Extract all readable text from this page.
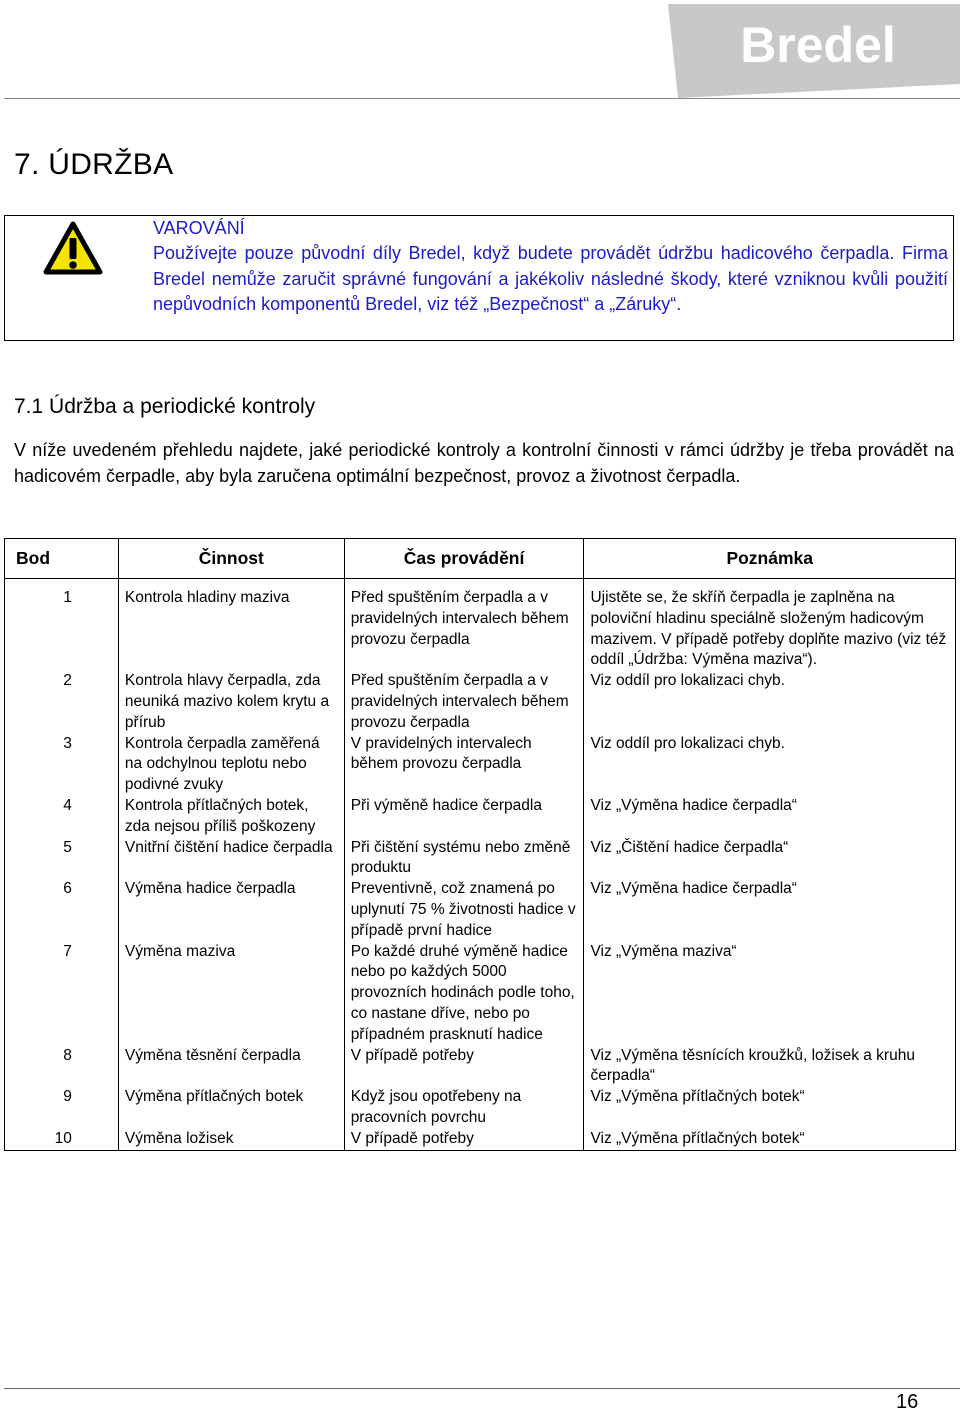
Bredel
7. ÚDRŽBA
VAROVÁNÍ
Používejte pouze původní díly Bredel, když budete provádět údržbu hadicového čerpadla. Firma Bredel nemůže zaručit správné fungování a jakékoliv následné škody, které vzniknou kvůli použití nepůvodních komponentů Bredel, viz též „Bezpečnost“ a „Záruky“.
7.1 Údržba a periodické kontroly

V níže uvedeném přehledu najdete, jaké periodické kontroly a kontrolní činnosti v rámci údržby je třeba provádět na hadicovém čerpadle, aby byla zaručena optimální bezpečnost, provoz a životnost čerpadla.

Bod	Činnost	Čas provádění	Poznámka
1	Kontrola hladiny maziva	Před spuštěním čerpadla a v pravidelných intervalech během provozu čerpadla	Ujistěte se, že skříň čerpadla je zaplněna na poloviční hladinu speciálně složeným hadicovým mazivem. V případě potřeby doplňte mazivo (viz též oddíl „Údržba: Výměna maziva“).
2	Kontrola hlavy čerpadla, zda neuniká mazivo kolem krytu a přírub	Před spuštěním čerpadla a v pravidelných intervalech během provozu čerpadla	Viz oddíl pro lokalizaci chyb.
3	Kontrola čerpadla zaměřená na odchylnou teplotu nebo podivné zvuky	V pravidelných intervalech během provozu čerpadla	Viz oddíl pro lokalizaci chyb.
4	Kontrola přítlačných botek, zda nejsou příliš poškozeny	Při výměně hadice čerpadla	Viz „Výměna hadice čerpadla“
5	Vnitřní čištění hadice čerpadla	Při čištění systému nebo změně produktu	Viz „Čištění hadice čerpadla“
6	Výměna hadice čerpadla	Preventivně, což znamená po uplynutí 75 % životnosti hadice v případě první hadice	Viz „Výměna hadice čerpadla“
7	Výměna maziva	Po každé druhé výměně hadice nebo po každých 5000 provozních hodinách podle toho, co nastane dříve, nebo po případném prasknutí hadice	Viz „Výměna maziva“
8	Výměna těsnění čerpadla	V případě potřeby	Viz „Výměna těsnících kroužků, ložisek a kruhu čerpadla“
9	Výměna přítlačných botek	Když jsou opotřebeny na pracovních povrchu	Viz „Výměna přítlačných botek“
10	Výměna ložisek	V případě potřeby	Viz „Výměna přítlačných botek“
16
